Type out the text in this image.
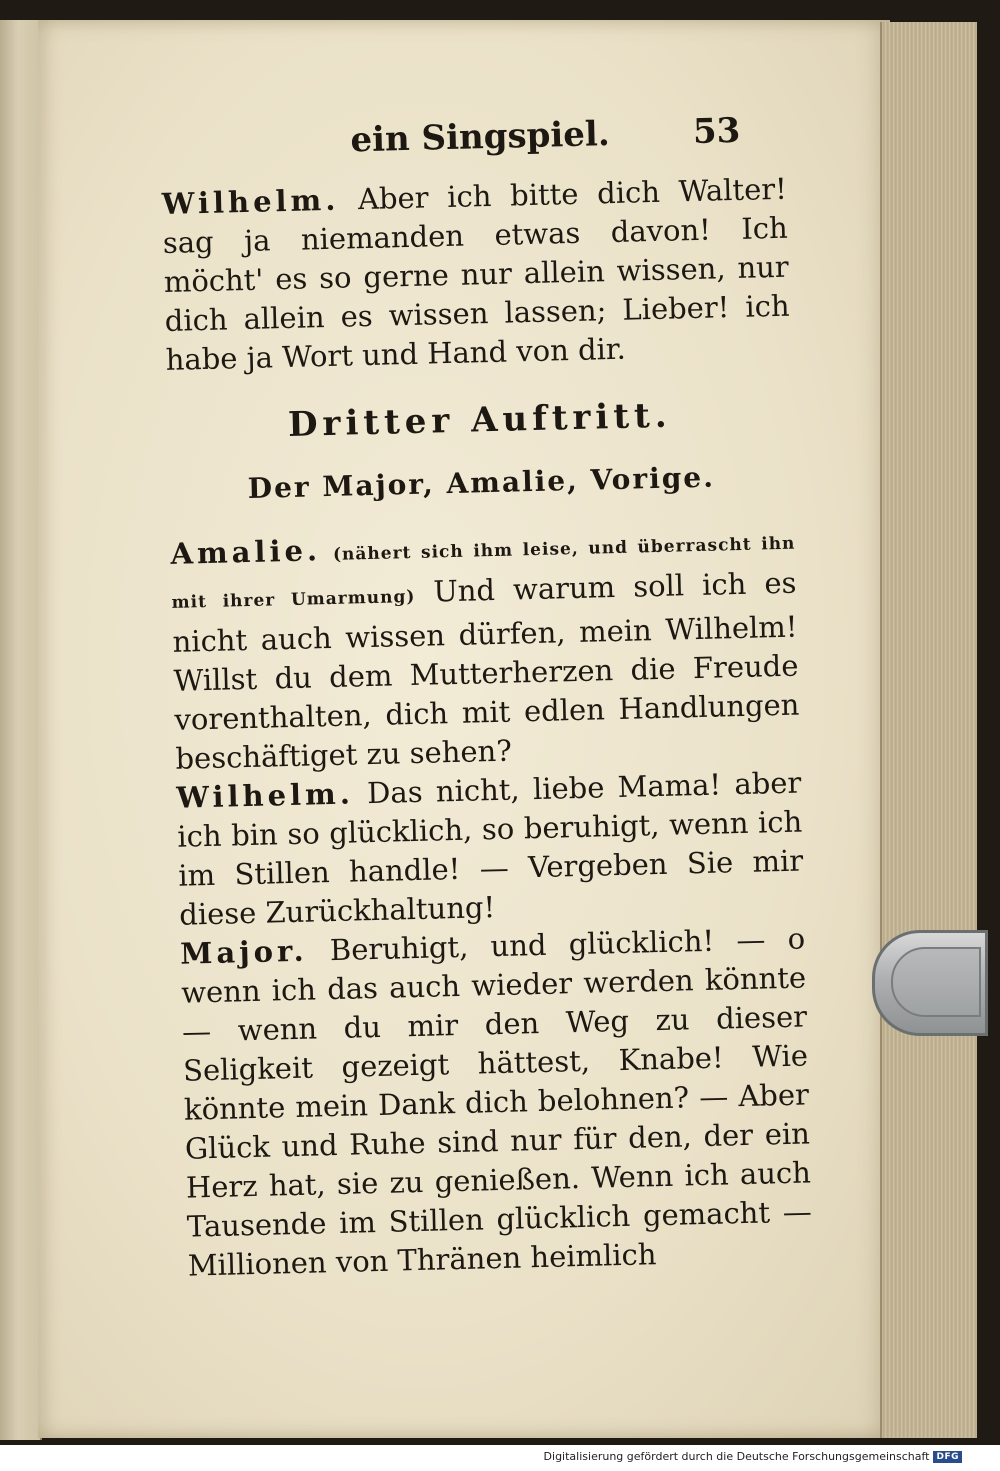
ein Singspiel. 53

Wilhelm. Aber ich bitte dich Walter! sag ja niemanden etwas davon! Ich möcht' es so gerne nur allein wissen, nur dich allein es wissen lassen; Lieber! ich habe ja Wort und Hand von dir.

Dritter Auftritt.
Der Major, Amalie, Vorige.

Amalie. (nähert sich ihm leise, und überrascht ihn mit ihrer Umarmung) Und warum soll ich es nicht auch wissen dürfen, mein Wilhelm! Willst du dem Mutterherzen die Freude vorenthalten, dich mit edlen Handlungen beschäftiget zu sehen?

Wilhelm. Das nicht, liebe Mama! aber ich bin so glücklich, so beruhigt, wenn ich im Stillen handle! — Vergeben Sie mir diese Zurückhaltung!

Major. Beruhigt, und glücklich! — o wenn ich das auch wieder werden könnte — wenn du mir den Weg zu dieser Seligkeit gezeigt hättest, Knabe! Wie könnte mein Dank dich belohnen? — Aber Glück und Ruhe sind nur für den, der ein Herz hat, sie zu genießen. Wenn ich auch Tausende im Stillen glücklich gemacht — Millionen von Thränen heimlich

Digitalisierung gefördert durch die Deutsche Forschungsgemeinschaft DFG
